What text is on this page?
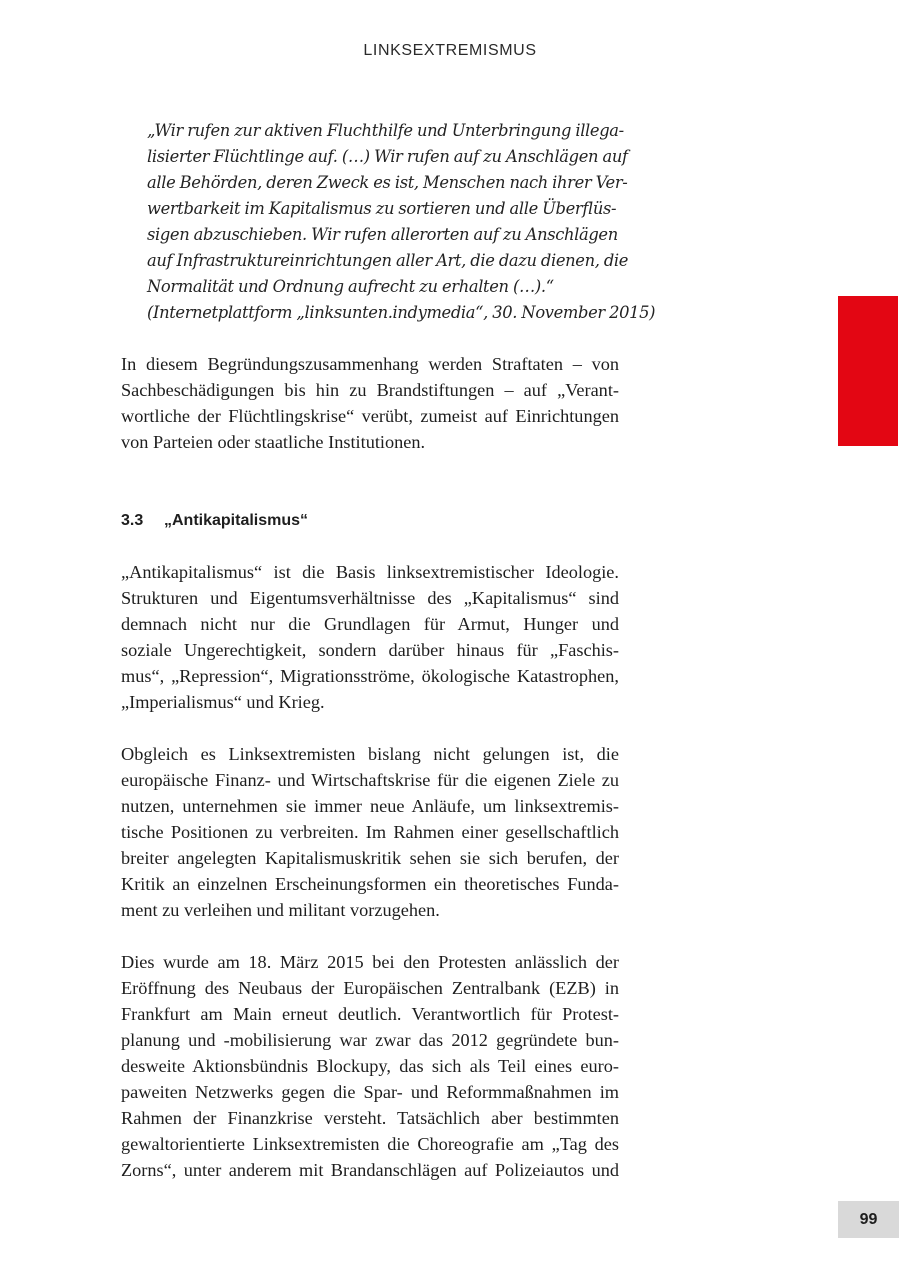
LINKSEXTREMISMUS
„Wir rufen zur aktiven Fluchthilfe und Unterbringung illega-
lisierter Flüchtlinge auf. (…) Wir rufen auf zu Anschlägen auf
alle Behörden, deren Zweck es ist, Menschen nach ihrer Ver-
wertbarkeit im Kapitalismus zu sortieren und alle Überflüs-
sigen abzuschieben. Wir rufen allerorten auf zu Anschlägen
auf Infrastruktureinrichtungen aller Art, die dazu dienen, die
Normalität und Ordnung aufrecht zu erhalten (…).“
(Internetplattform „linksunten.indymedia“, 30. November 2015)
In diesem Begründungszusammenhang werden Straftaten – von
Sachbeschädigungen bis hin zu Brandstiftungen – auf „Verant-
wortliche der Flüchtlingskrise“ verübt, zumeist auf Einrichtungen
von Parteien oder staatliche Institutionen.
3.3 „Antikapitalismus“
„Antikapitalismus“ ist die Basis linksextremistischer Ideologie.
Strukturen und Eigentumsverhältnisse des „Kapitalismus“ sind
demnach nicht nur die Grundlagen für Armut, Hunger und
soziale Ungerechtigkeit, sondern darüber hinaus für „Faschis-
mus“, „Repression“, Migrationsströme, ökologische Katastrophen,
„Imperialismus“ und Krieg.
Obgleich es Linksextremisten bislang nicht gelungen ist, die
europäische Finanz- und Wirtschaftskrise für die eigenen Ziele zu
nutzen, unternehmen sie immer neue Anläufe, um linksextremis-
tische Positionen zu verbreiten. Im Rahmen einer gesellschaftlich
breiter angelegten Kapitalismuskritik sehen sie sich berufen, der
Kritik an einzelnen Erscheinungsformen ein theoretisches Funda-
ment zu verleihen und militant vorzugehen.
Dies wurde am 18. März 2015 bei den Protesten anlässlich der
Eröffnung des Neubaus der Europäischen Zentralbank (EZB) in
Frankfurt am Main erneut deutlich. Verantwortlich für Protest-
planung und -mobilisierung war zwar das 2012 gegründete bun-
desweite Aktionsbündnis Blockupy, das sich als Teil eines euro-
paweiten Netzwerks gegen die Spar- und Reformmaßnahmen im
Rahmen der Finanzkrise versteht. Tatsächlich aber bestimmten
gewaltorientierte Linksextremisten die Choreografie am „Tag des
Zorns“, unter anderem mit Brandanschlägen auf Polizeiautos und
99
